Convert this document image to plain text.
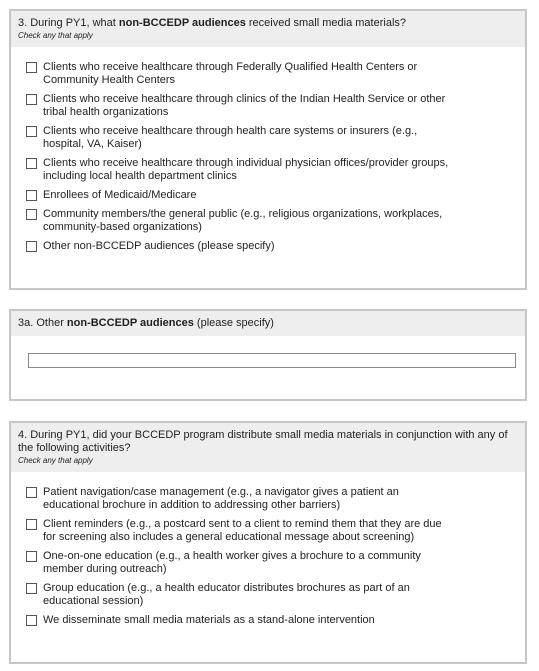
3. During PY1, what non-BCCEDP audiences received small media materials?
Check any that apply
Clients who receive healthcare through Federally Qualified Health Centers or Community Health Centers
Clients who receive healthcare through clinics of the Indian Health Service or other tribal health organizations
Clients who receive healthcare through health care systems or insurers (e.g., hospital, VA, Kaiser)
Clients who receive healthcare through individual physician offices/provider groups, including local health department clinics
Enrollees of Medicaid/Medicare
Community members/the general public (e.g., religious organizations, workplaces, community-based organizations)
Other non-BCCEDP audiences (please specify)
3a. Other non-BCCEDP audiences (please specify)
4. During PY1, did your BCCEDP program distribute small media materials in conjunction with any of the following activities?
Check any that apply
Patient navigation/case management (e.g., a navigator gives a patient an educational brochure in addition to addressing other barriers)
Client reminders (e.g., a postcard sent to a client to remind them that they are due for screening also includes a general educational message about screening)
One-on-one education (e.g., a health worker gives a brochure to a community member during outreach)
Group education (e.g., a health educator distributes brochures as part of an educational session)
We disseminate small media materials as a stand-alone intervention
